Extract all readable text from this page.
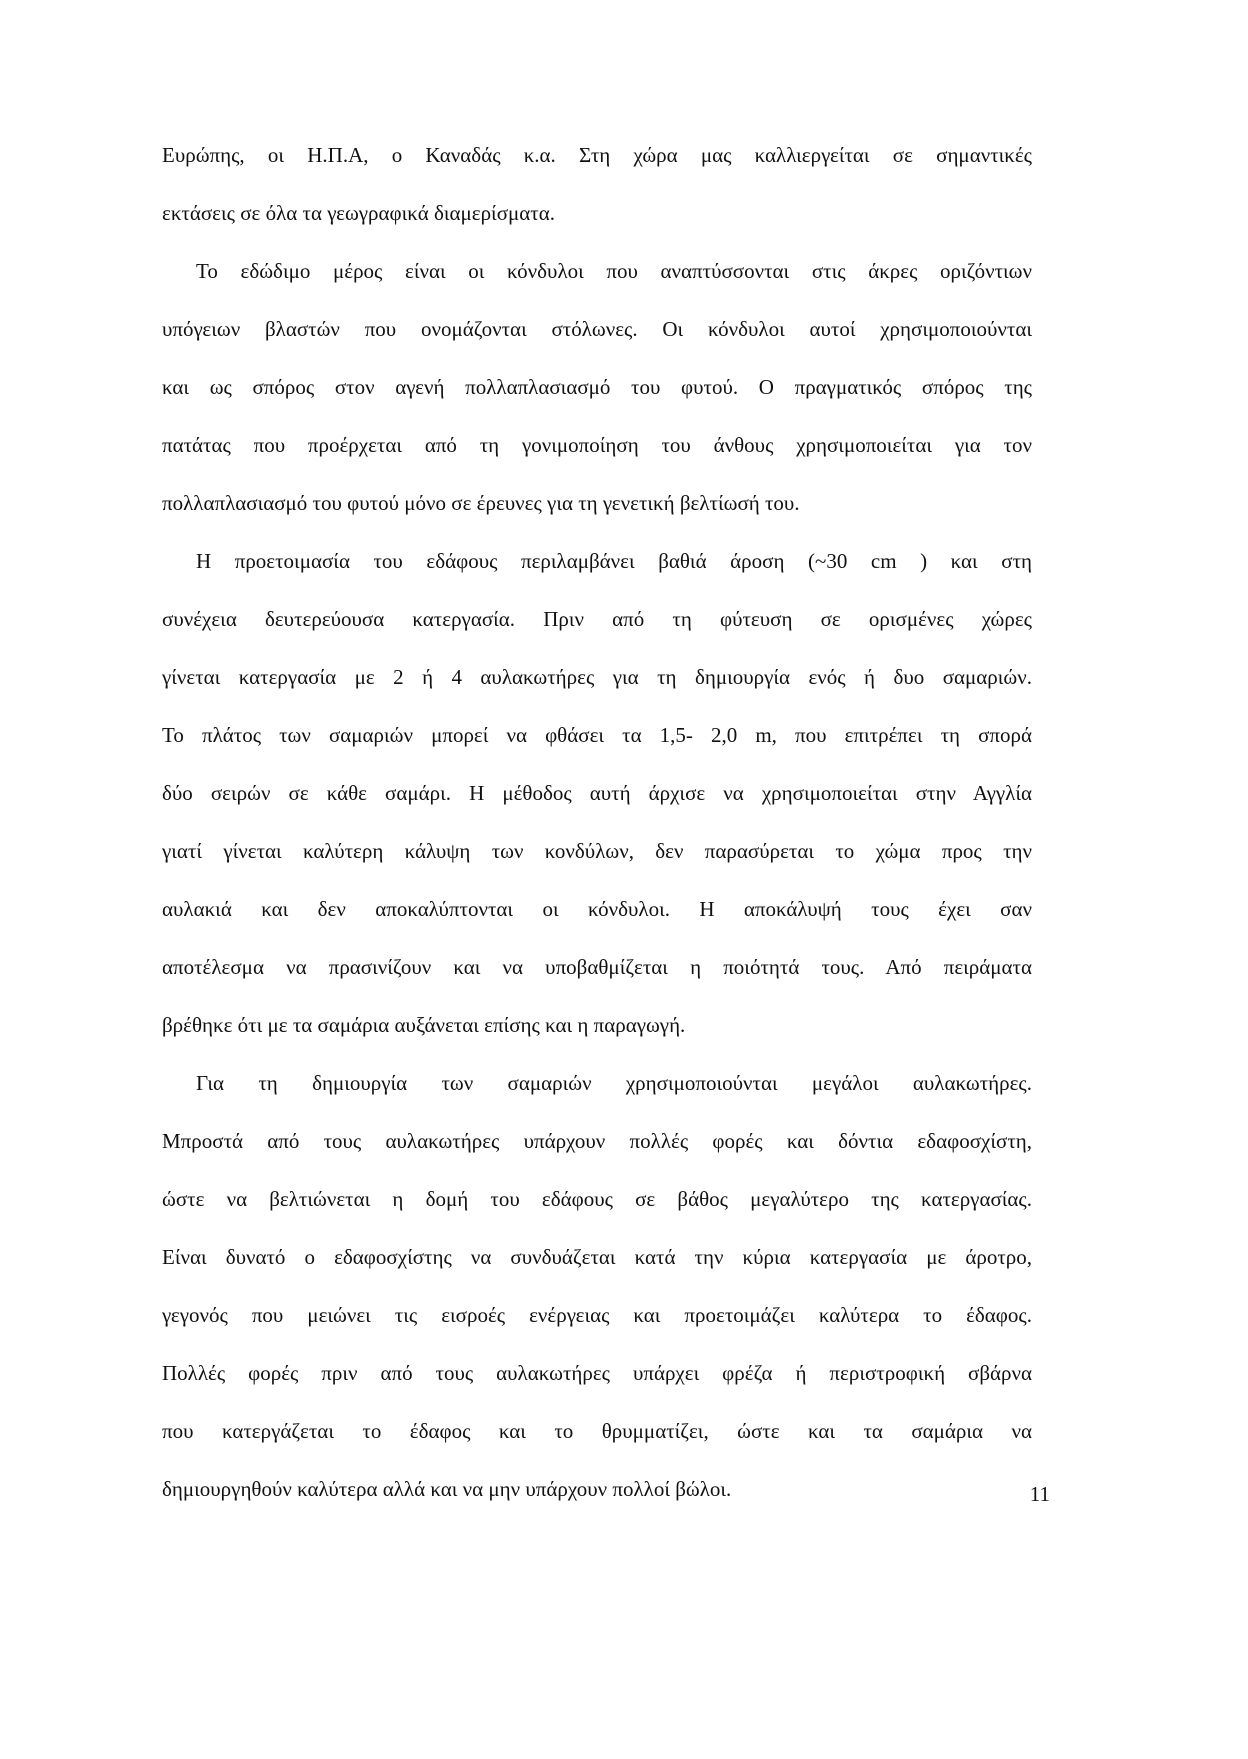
Ευρώπης, οι Η.Π.Α, ο Καναδάς κ.α. Στη χώρα μας καλλιεργείται σε σημαντικές
εκτάσεις σε όλα τα γεωγραφικά διαμερίσματα.
Το εδώδιμο μέρος είναι οι κόνδυλοι που αναπτύσσονται στις άκρες οριζόντιων
υπόγειων βλαστών που ονομάζονται στόλωνες. Οι κόνδυλοι αυτοί χρησιμοποιούνται
και ως σπόρος στον αγενή πολλαπλασιασμό του φυτού. Ο πραγματικός σπόρος της
πατάτας που προέρχεται από τη γονιμοποίηση του άνθους χρησιμοποιείται για τον
πολλαπλασιασμό του φυτού μόνο σε έρευνες για τη γενετική βελτίωσή του.
Η προετοιμασία του εδάφους περιλαμβάνει βαθιά άροση (~30 cm ) και στη
συνέχεια δευτερεύουσα κατεργασία. Πριν από τη φύτευση σε ορισμένες χώρες
γίνεται κατεργασία με 2 ή 4 αυλακωτήρες για τη δημιουργία ενός ή δυο σαμαριών.
Το πλάτος των σαμαριών μπορεί να φθάσει τα 1,5- 2,0 m, που επιτρέπει τη σπορά
δύο σειρών σε κάθε σαμάρι. Η μέθοδος αυτή άρχισε να χρησιμοποιείται στην Αγγλία
γιατί γίνεται καλύτερη κάλυψη των κονδύλων, δεν παρασύρεται το χώμα προς την
αυλακιά και δεν αποκαλύπτονται οι κόνδυλοι. Η αποκάλυψή τους έχει σαν
αποτέλεσμα να πρασινίζουν και να υποβαθμίζεται η ποιότητά τους. Από πειράματα
βρέθηκε ότι με τα σαμάρια αυξάνεται επίσης και η παραγωγή.
Για τη δημιουργία των σαμαριών χρησιμοποιούνται μεγάλοι αυλακωτήρες.
Μπροστά από τους αυλακωτήρες υπάρχουν πολλές φορές και δόντια εδαφοσχίστη,
ώστε να βελτιώνεται η δομή του εδάφους σε βάθος μεγαλύτερο της κατεργασίας.
Είναι δυνατό ο εδαφοσχίστης να συνδυάζεται κατά την κύρια κατεργασία με άροτρο,
γεγονός που μειώνει τις εισροές ενέργειας και προετοιμάζει καλύτερα το έδαφος.
Πολλές φορές πριν από τους αυλακωτήρες υπάρχει φρέζα ή περιστροφική σβάρνα
που κατεργάζεται το έδαφος και το θρυμματίζει, ώστε και τα σαμάρια να
δημιουργηθούν καλύτερα αλλά και να μην υπάρχουν πολλοί βώλοι.	11
